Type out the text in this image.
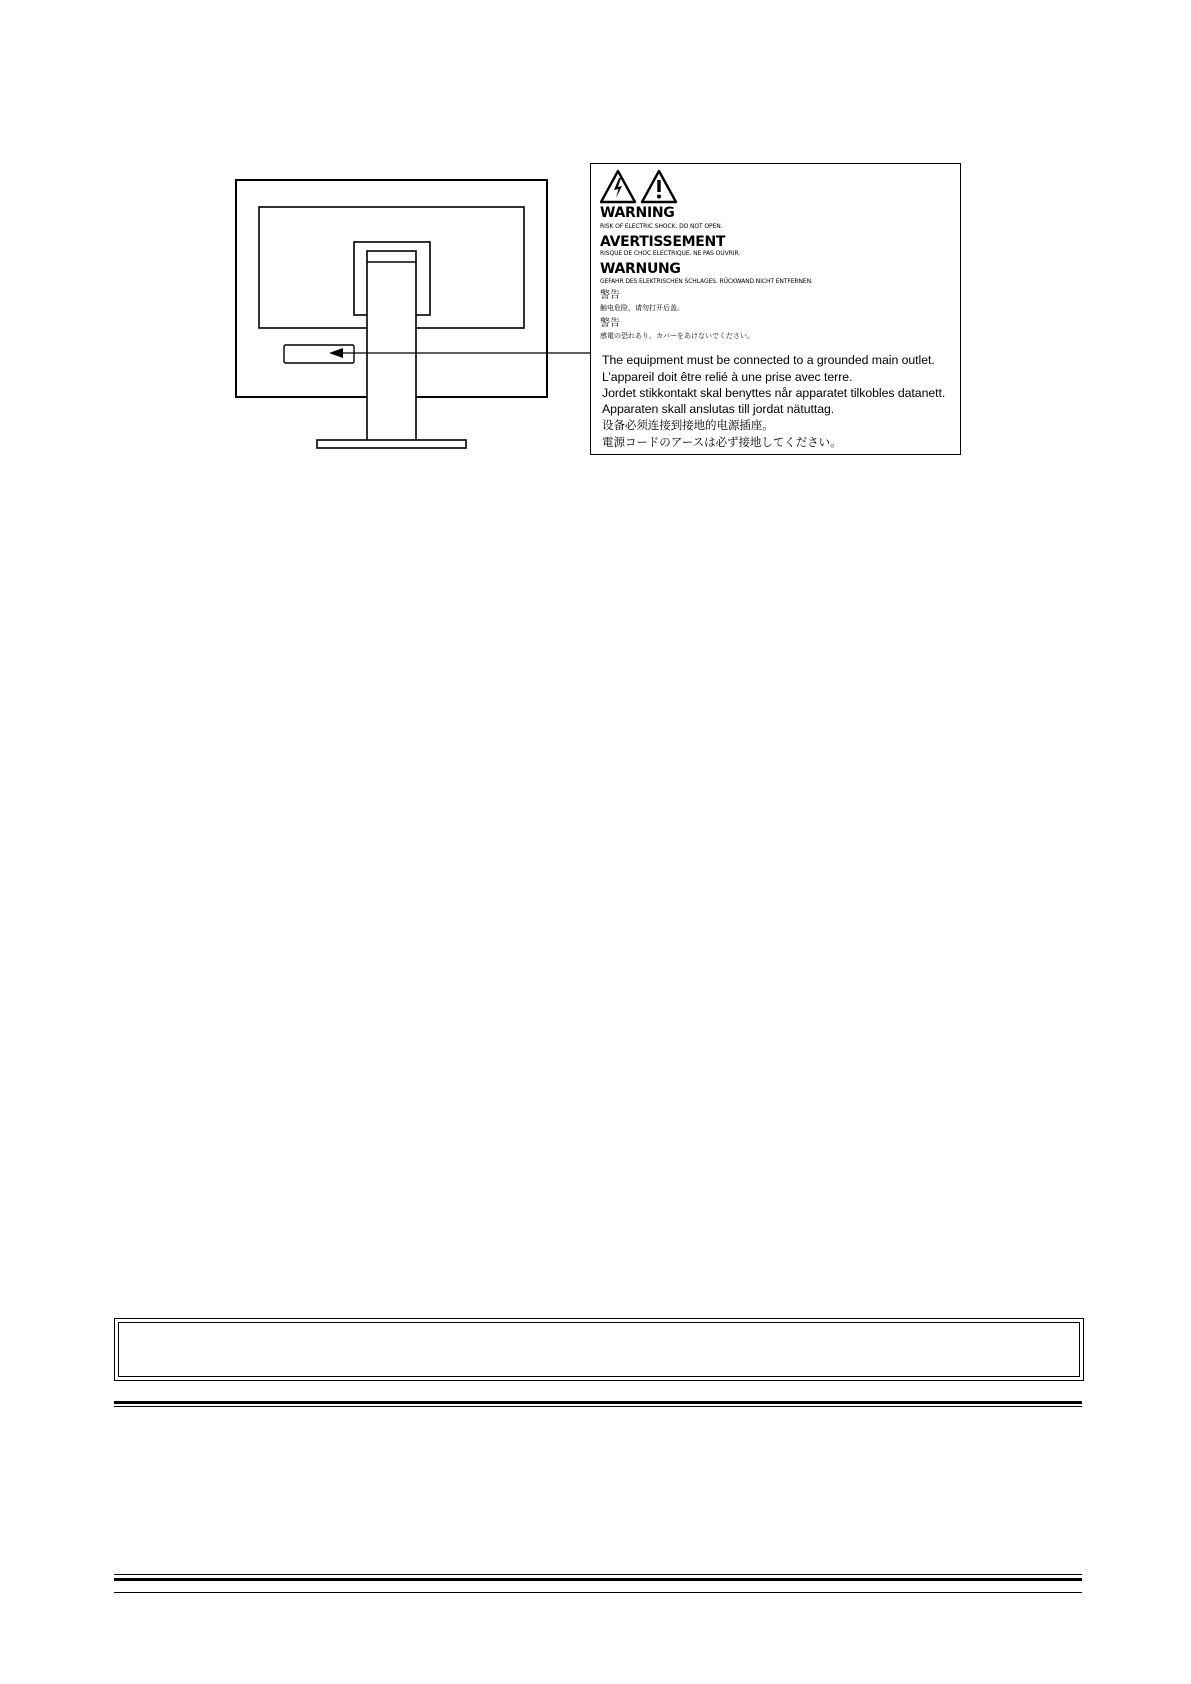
WARNING
RISK OF ELECTRIC SHOCK. DO NOT OPEN.
AVERTISSEMENT
RISQUE DE CHOC ELECTRIQUE. NE PAS OUVRIR.
WARNUNG
GEFAHR DES ELEKTRISCHEN SCHLAGES. RÜCKWAND NICHT ENTFERNEN.
警告
触电危险，请勿打开后盖。
警告
感電の恐れあり。カバーをあけないでください。
The equipment must be connected to a grounded main outlet.
L’appareil doit être relié à une prise avec terre.
Jordet stikkontakt skal benyttes når apparatet tilkobles datanett.
Apparaten skall anslutas till jordat nätuttag.
设备必须连接到接地的电源插座。
電源コードのアースは必ず接地してください。
